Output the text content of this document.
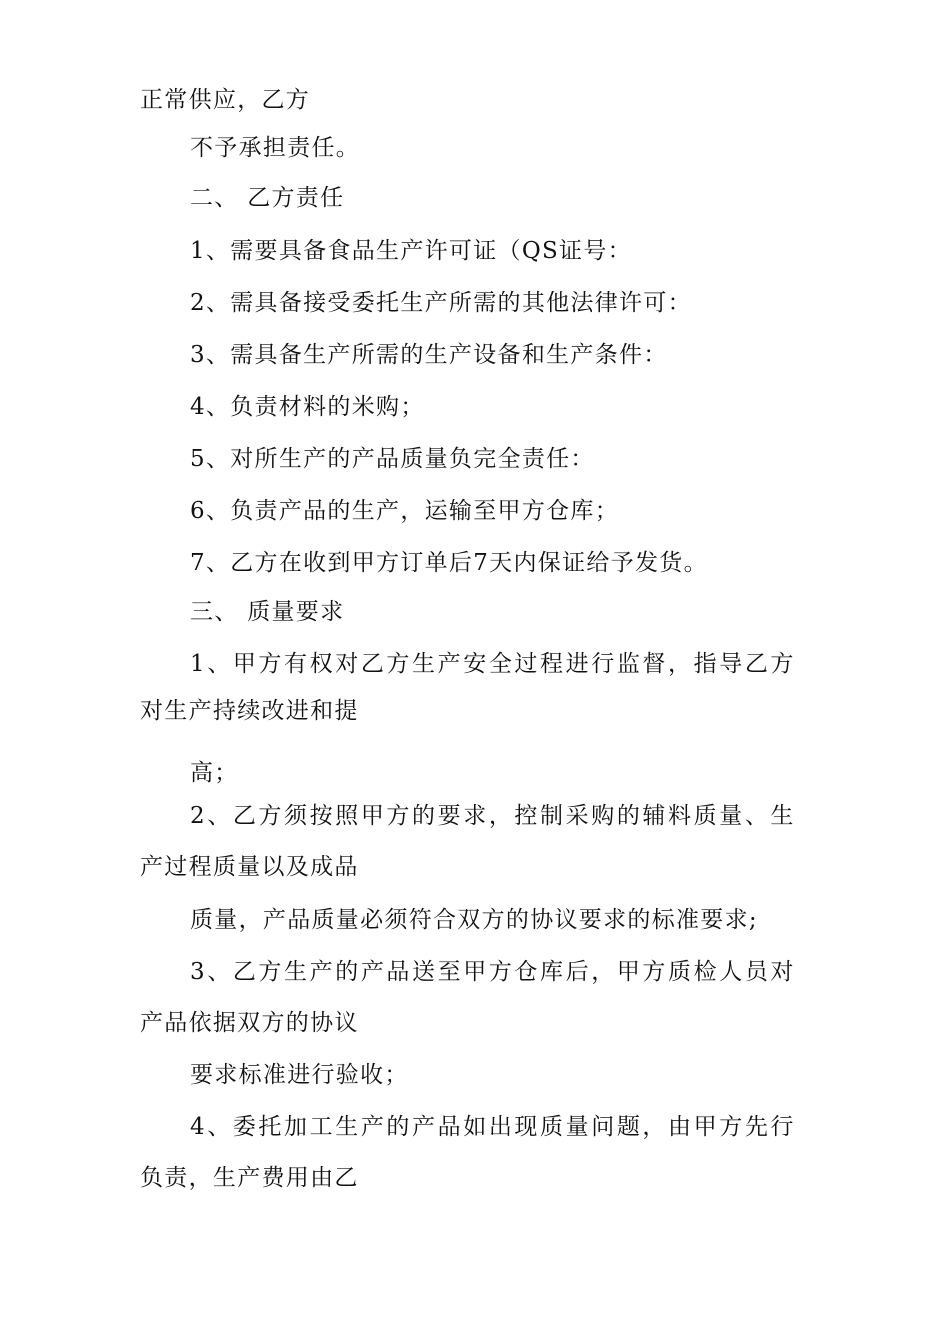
正常供应，乙方
不予承担责任。
二、 乙方责任
1、需要具备食品生产许可证（QS证号：
2、需具备接受委托生产所需的其他法律许可：
3、需具备生产所需的生产设备和生产条件：
4、负责材料的米购；
5、对所生产的产品质量负完全责任：
6、负责产品的生产，运输至甲方仓库；
7、乙方在收到甲方订单后7天内保证给予发货。
三、 质量要求
1、甲方有权对乙方生产安全过程进行监督，指导乙方
对生产持续改进和提
高；
2、乙方须按照甲方的要求，控制采购的辅料质量、生
产过程质量以及成品
质量，产品质量必须符合双方的协议要求的标准要求;
3、乙方生产的产品送至甲方仓库后，甲方质检人员对
产品依据双方的协议
要求标准进行验收；
4、委托加工生产的产品如出现质量问题，由甲方先行
负责，生产费用由乙
